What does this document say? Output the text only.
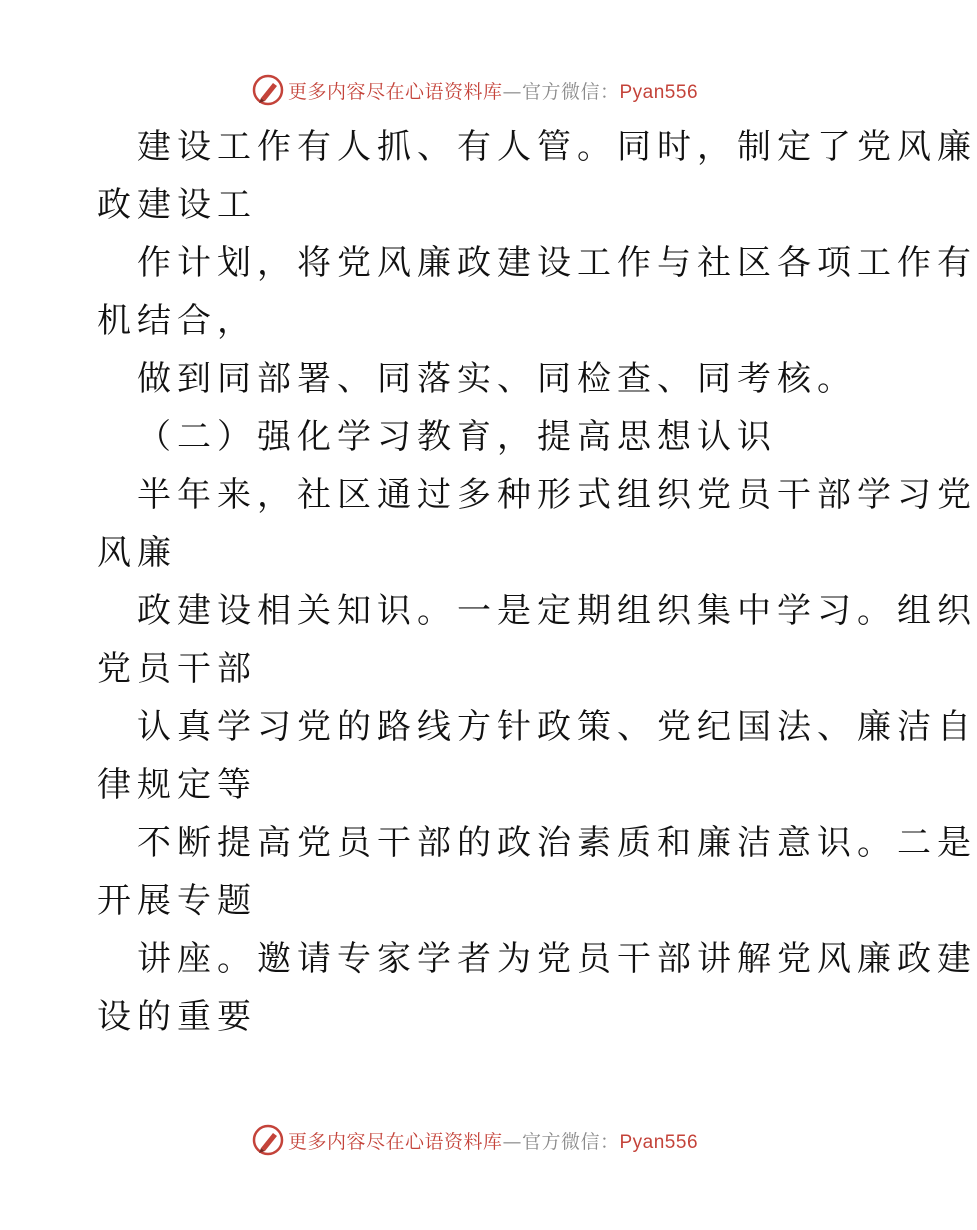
更多内容尽在心语资料库—官方微信：Pyan556
建设工作有人抓、有人管。同时，制定了党风廉
政建设工
作计划，将党风廉政建设工作与社区各项工作有
机结合，
做到同部署、同落实、同检查、同考核。
（二）强化学习教育，提高思想认识
半年来，社区通过多种形式组织党员干部学习党
风廉
政建设相关知识。一是定期组织集中学习。组织
党员干部
认真学习党的路线方针政策、党纪国法、廉洁自
律规定等
不断提高党员干部的政治素质和廉洁意识。二是
开展专题
讲座。邀请专家学者为党员干部讲解党风廉政建
设的重要
更多内容尽在心语资料库—官方微信：Pyan556
